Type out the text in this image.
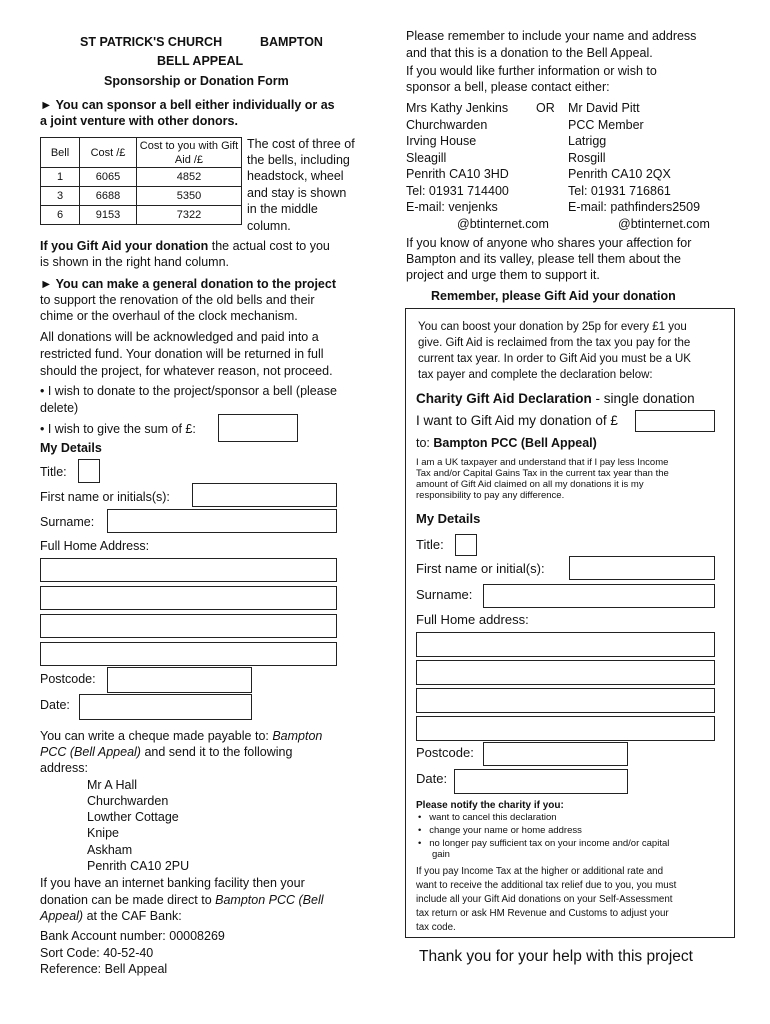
ST PATRICK'S CHURCH	BAMPTON
BELL APPEAL
Sponsorship or Donation Form
► You can sponsor a bell either individually or as
a joint venture with other donors.
Bell	Cost /£	Cost to you with Gift Aid /£
1	6065	4852
3	6688	5350
6	9153	7322
The cost of three of
the bells, including
headstock, wheel
and stay is shown
in the middle
column.
If you Gift Aid your donation the actual cost to you
is shown in the right hand column.
► You can make a general donation to the project
to support the renovation of the old bells and their
chime or the overhaul of the clock mechanism.
All donations will be acknowledged and paid into a
restricted fund. Your donation will be returned in full
should the project, for whatever reason, not proceed.
• I wish to donate to the project/sponsor a bell (please
delete)
• I wish to give the sum of £:
My Details
Title:
First name or initials(s):
Surname:
Full Home Address:
Postcode:
Date:
You can write a cheque made payable to: Bampton
PCC (Bell Appeal) and send it to the following
address:
Mr A Hall
Churchwarden
Lowther Cottage
Knipe
Askham
Penrith CA10 2PU
If you have an internet banking facility then your
donation can be made direct to Bampton PCC (Bell
Appeal) at the CAF Bank:
Bank Account number: 00008269
Sort Code: 40-52-40
Reference: Bell Appeal
Please remember to include your name and address
and that this is a donation to the Bell Appeal.
If you would like further information or wish to
sponsor a bell, please contact either:
Mrs Kathy Jenkins
Churchwarden
Irving House
Sleagill
Penrith CA10 3HD
Tel: 01931 714400
E-mail: venjenks
@btinternet.com
OR Mr David Pitt
PCC Member
Latrigg
Rosgill
Penrith CA10 2QX
Tel: 01931 716861
E-mail: pathfinders2509
@btinternet.com
If you know of anyone who shares your affection for
Bampton and its valley, please tell them about the
project and urge them to support it.
Remember, please Gift Aid your donation
You can boost your donation by 25p for every £1 you
give. Gift Aid is reclaimed from the tax you pay for the
current tax year. In order to Gift Aid you must be a UK
tax payer and complete the declaration below:
Charity Gift Aid Declaration - single donation
I want to Gift Aid my donation of £
to: Bampton PCC (Bell Appeal)
I am a UK taxpayer and understand that if I pay less Income
Tax and/or Capital Gains Tax in the current tax year than the
amount of Gift Aid claimed on all my donations it is my
responsibility to pay any difference.
My Details
Title:
First name or initial(s):
Surname:
Full Home address:
Postcode:
Date:
Please notify the charity if you:
•   want to cancel this declaration
•   change your name or home address
•   no longer pay sufficient tax on your income and/or capital
gain
If you pay Income Tax at the higher or additional rate and
want to receive the additional tax relief due to you, you must
include all your Gift Aid donations on your Self-Assessment
tax return or ask HM Revenue and Customs to adjust your
tax code.
Thank you for your help with this project
